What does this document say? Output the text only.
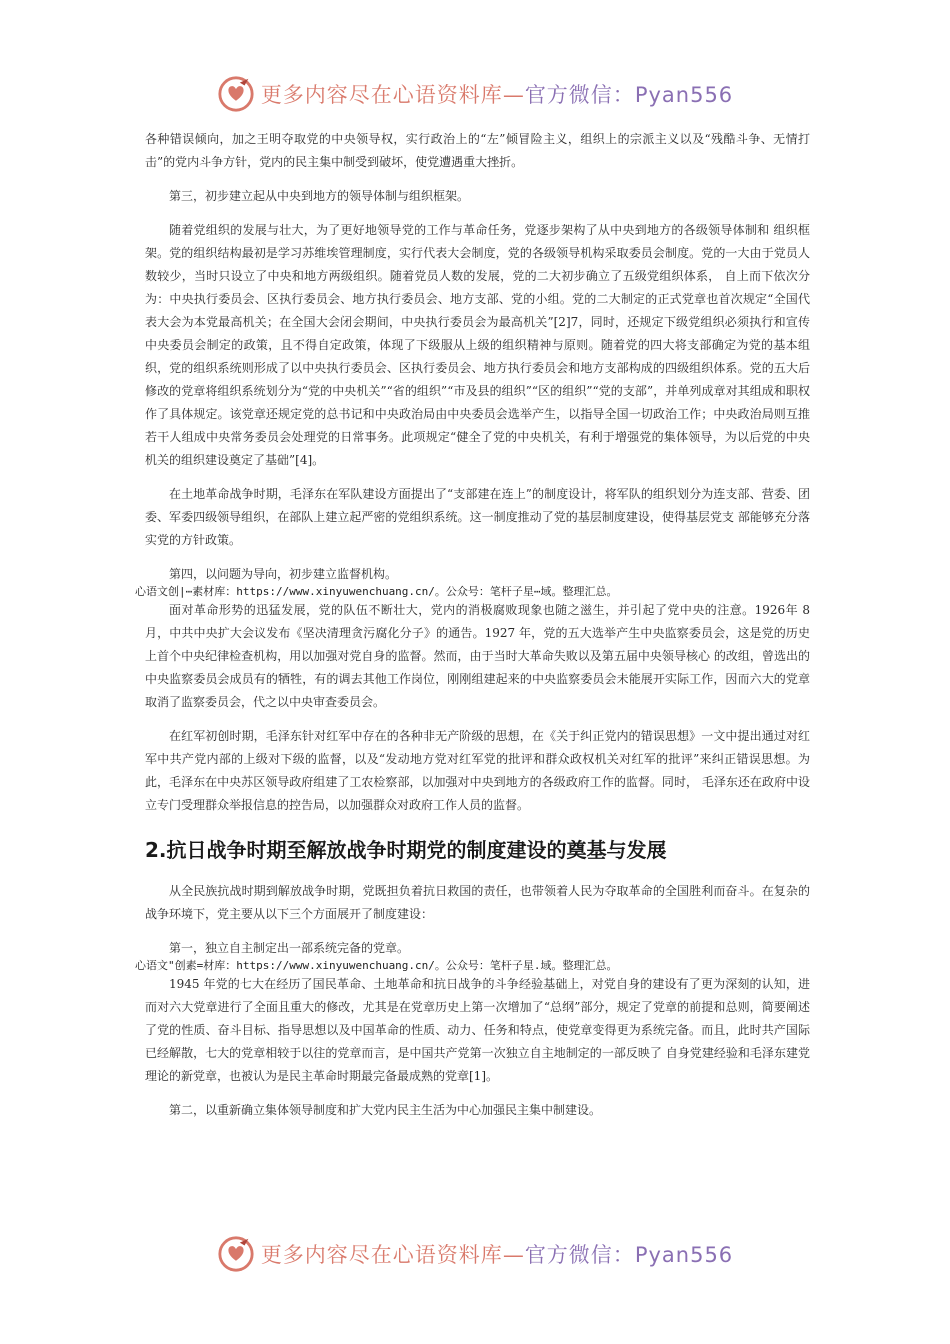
更多内容尽在心语资料库—官方微信：Pyan556

各种错误倾向，加之王明夺取党的中央领导权，实行政治上的“左”倾冒险主义，组织上的宗派主义以及“残酷斗争、无情打击”的党内斗争方针，党内的民主集中制受到破坏，使党遭遇重大挫折。

第三，初步建立起从中央到地方的领导体制与组织框架。

随着党组织的发展与壮大，为了更好地领导党的工作与革命任务，党逐步架构了从中央到地方的各级领导体制和 组织框架。党的组织结构最初是学习苏维埃管理制度，实行代表大会制度，党的各级领导机构采取委员会制度。党的一大由于党员人数较少，当时只设立了中央和地方两级组织。随着党员人数的发展，党的二大初步确立了五级党组织体系， 自上而下依次分为：中央执行委员会、区执行委员会、地方执行委员会、地方支部、党的小组。党的二大制定的正式党章也首次规定“全国代表大会为本党最高机关；在全国大会闭会期间，中央执行委员会为最高机关”[2]7，同时，还规定下级党组织必须执行和宣传中央委员会制定的政策，且不得自定政策，体现了下级服从上级的组织精神与原则。随着党的四大将支部确定为党的基本组织，党的组织系统则形成了以中央执行委员会、区执行委员会、地方执行委员会和地方支部构成的四级组织体系。党的五大后修改的党章将组织系统划分为“党的中央机关”“省的组织”“市及县的组织”“区的组织”“党的支部”，并单列成章对其组成和职权作了具体规定。该党章还规定党的总书记和中央政治局由中央委员会选举产生，以指导全国一切政治工作；中央政治局则互推若干人组成中央常务委员会处理党的日常事务。此项规定“健全了党的中央机关，有利于增强党的集体领导，为以后党的中央机关的组织建设奠定了基础”[4]。

在土地革命战争时期，毛泽东在军队建设方面提出了“支部建在连上”的制度设计，将军队的组织划分为连支部、营委、团委、军委四级领导组织，在部队上建立起严密的党组织系统。这一制度推动了党的基层制度建设，使得基层党支 部能够充分落实党的方针政策。

第四，以问题为导向，初步建立监督机构。

心语文创|⋯素材库：https://www.xinyuwenchuang.cn/。公众号：笔杆子星⋯域。整理汇总。

面对革命形势的迅猛发展，党的队伍不断壮大，党内的消极腐败现象也随之滋生，并引起了党中央的注意。1926年 8 月，中共中央扩大会议发布《坚决清理贪污腐化分子》的通告。1927 年，党的五大选举产生中央监察委员会，这是党的历史上首个中央纪律检查机构，用以加强对党自身的监督。然而，由于当时大革命失败以及第五届中央领导核心 的改组，曾选出的中央监察委员会成员有的牺牲，有的调去其他工作岗位，刚刚组建起来的中央监察委员会未能展开实际工作，因而六大的党章取消了监察委员会，代之以中央审查委员会。

在红军初创时期，毛泽东针对红军中存在的各种非无产阶级的思想，在《关于纠正党内的错误思想》一文中提出通过对红军中共产党内部的上级对下级的监督，以及“发动地方党对红军党的批评和群众政权机关对红军的批评”来纠正错误思想。为此，毛泽东在中央苏区领导政府组建了工农检察部，以加强对中央到地方的各级政府工作的监督。同时， 毛泽东还在政府中设立专门受理群众举报信息的控告局，以加强群众对政府工作人员的监督。

2.抗日战争时期至解放战争时期党的制度建设的奠基与发展

从全民族抗战时期到解放战争时期，党既担负着抗日救国的责任，也带领着人民为夺取革命的全国胜利而奋斗。在复杂的战争环境下，党主要从以下三个方面展开了制度建设：

第一，独立自主制定出一部系统完备的党章。

心语文"创素=材库：https://www.xinyuwenchuang.cn/。公众号：笔杆子星.域。整理汇总。

1945 年党的七大在经历了国民革命、土地革命和抗日战争的斗争经验基础上，对党自身的建设有了更为深刻的认知，进而对六大党章进行了全面且重大的修改，尤其是在党章历史上第一次增加了“总纲”部分，规定了党章的前提和总则，简要阐述了党的性质、奋斗目标、指导思想以及中国革命的性质、动力、任务和特点，使党章变得更为系统完备。而且，此时共产国际已经解散，七大的党章相较于以往的党章而言，是中国共产党第一次独立自主地制定的一部反映了 自身党建经验和毛泽东建党理论的新党章，也被认为是民主革命时期最完备最成熟的党章[1]。

第二，以重新确立集体领导制度和扩大党内民主生活为中心加强民主集中制建设。

更多内容尽在心语资料库—官方微信：Pyan556
